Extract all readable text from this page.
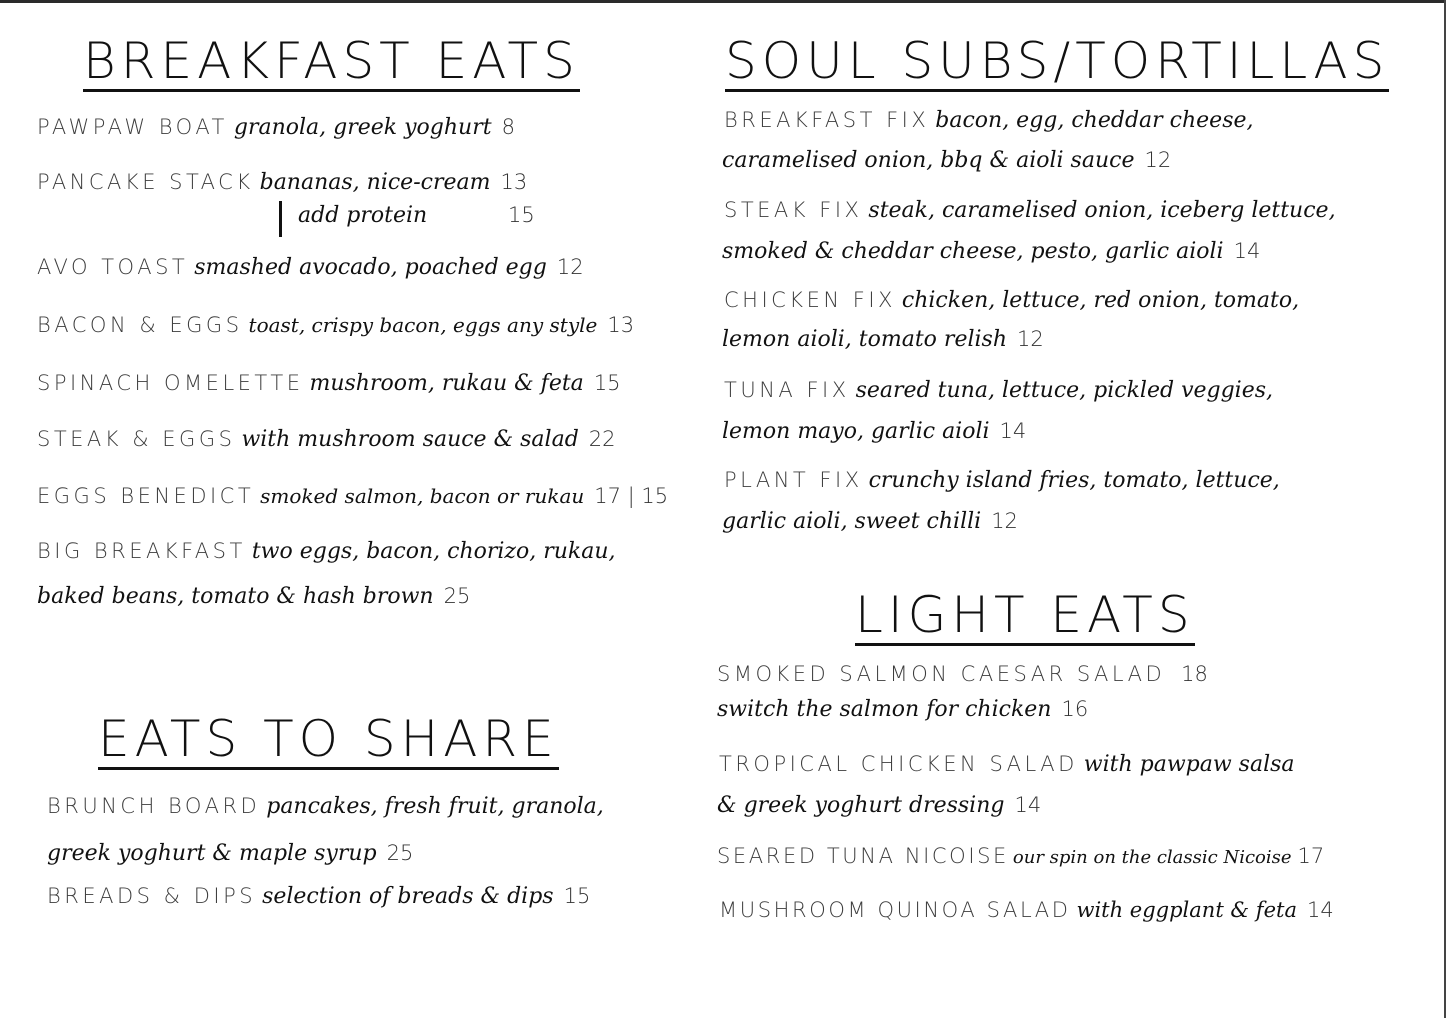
BREAKFAST EATS
PAWPAW BOAT granola, greek yoghurt 8
PANCAKE STACK bananas, nice-cream 13
add protein	15
AVO TOAST smashed avocado, poached egg 12
BACON & EGGS toast, crispy bacon, eggs any style 13
SPINACH OMELETTE mushroom, rukau & feta 15
STEAK & EGGS with mushroom sauce & salad 22
EGGS BENEDICT smoked salmon, bacon or rukau 17 | 15
BIG BREAKFAST two eggs, bacon, chorizo, rukau,
baked beans, tomato & hash brown 25
EATS TO SHARE
BRUNCH BOARD pancakes, fresh fruit, granola,
greek yoghurt & maple syrup 25
BREADS & DIPS selection of breads & dips 15
SOUL SUBS/TORTILLAS
BREAKFAST FIX bacon, egg, cheddar cheese,
caramelised onion, bbq & aioli sauce 12
STEAK FIX steak, caramelised onion, iceberg lettuce,
smoked & cheddar cheese, pesto, garlic aioli 14
CHICKEN FIX chicken, lettuce, red onion, tomato,
lemon aioli, tomato relish 12
TUNA FIX seared tuna, lettuce, pickled veggies,
lemon mayo, garlic aioli 14
PLANT FIX crunchy island fries, tomato, lettuce,
garlic aioli, sweet chilli 12
LIGHT EATS
SMOKED SALMON CAESAR SALAD 18
switch the salmon for chicken 16
TROPICAL CHICKEN SALAD with pawpaw salsa
& greek yoghurt dressing 14
SEARED TUNA NICOISE our spin on the classic Nicoise 17
MUSHROOM QUINOA SALAD with eggplant & feta 14
